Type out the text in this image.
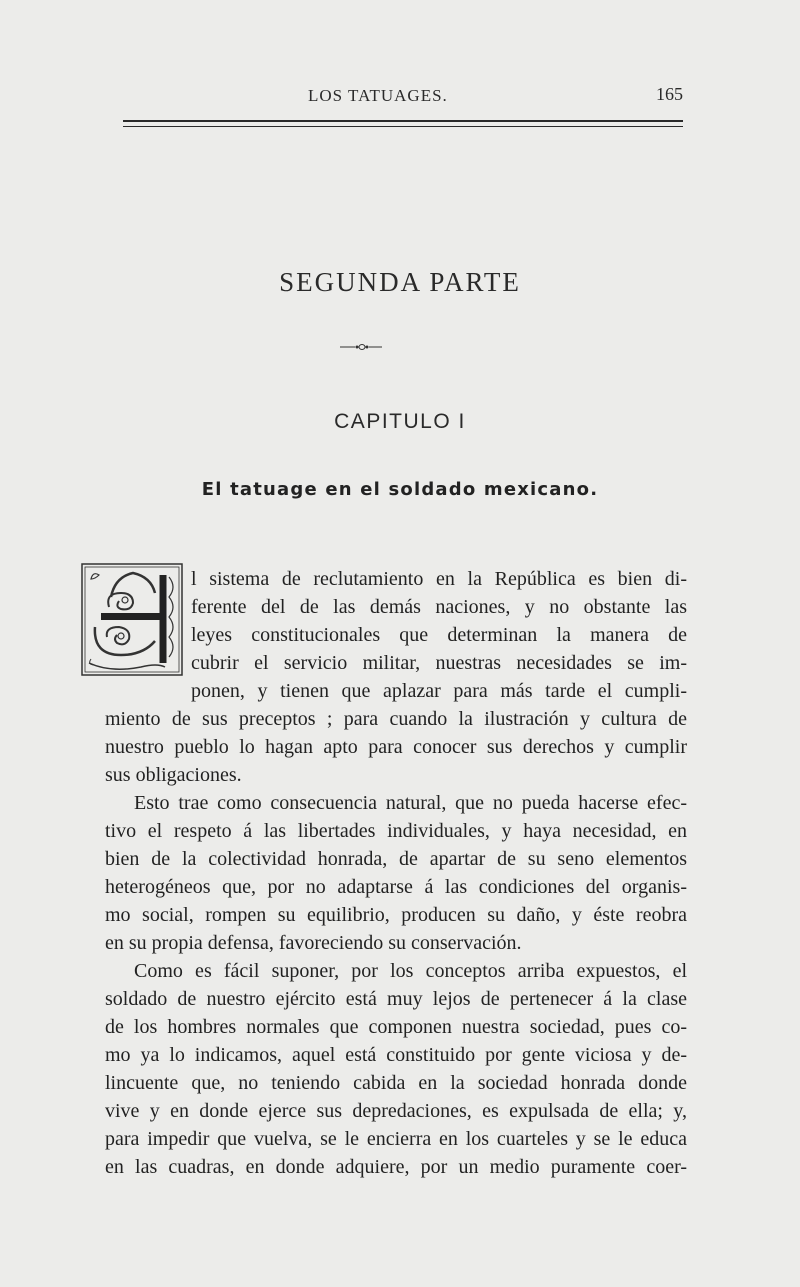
LOS TATUAGES.	165
SEGUNDA PARTE
CAPITULO I
El tatuage en el soldado mexicano.
l sistema de reclutamiento en la República es bien di-
ferente del de las demás naciones, y no obstante las
leyes constitucionales que determinan la manera de
cubrir el servicio militar, nuestras necesidades se im-
ponen, y tienen que aplazar para más tarde el cumpli-
miento de sus preceptos ; para cuando la ilustración y cultura de
nuestro pueblo lo hagan apto para conocer sus derechos y cumplir
sus obligaciones.
Esto trae como consecuencia natural, que no pueda hacerse efec-
tivo el respeto á las libertades individuales, y haya necesidad, en
bien de la colectividad honrada, de apartar de su seno elementos
heterogéneos que, por no adaptarse á las condiciones del organis-
mo social, rompen su equilibrio, producen su daño, y éste reobra
en su propia defensa, favoreciendo su conservación.
Como es fácil suponer, por los conceptos arriba expuestos, el
soldado de nuestro ejército está muy lejos de pertenecer á la clase
de los hombres normales que componen nuestra sociedad, pues co-
mo ya lo indicamos, aquel está constituido por gente viciosa y de-
lincuente que, no teniendo cabida en la sociedad honrada donde
vive y en donde ejerce sus depredaciones, es expulsada de ella; y,
para impedir que vuelva, se le encierra en los cuarteles y se le educa
en las cuadras, en donde adquiere, por un medio puramente coer-
